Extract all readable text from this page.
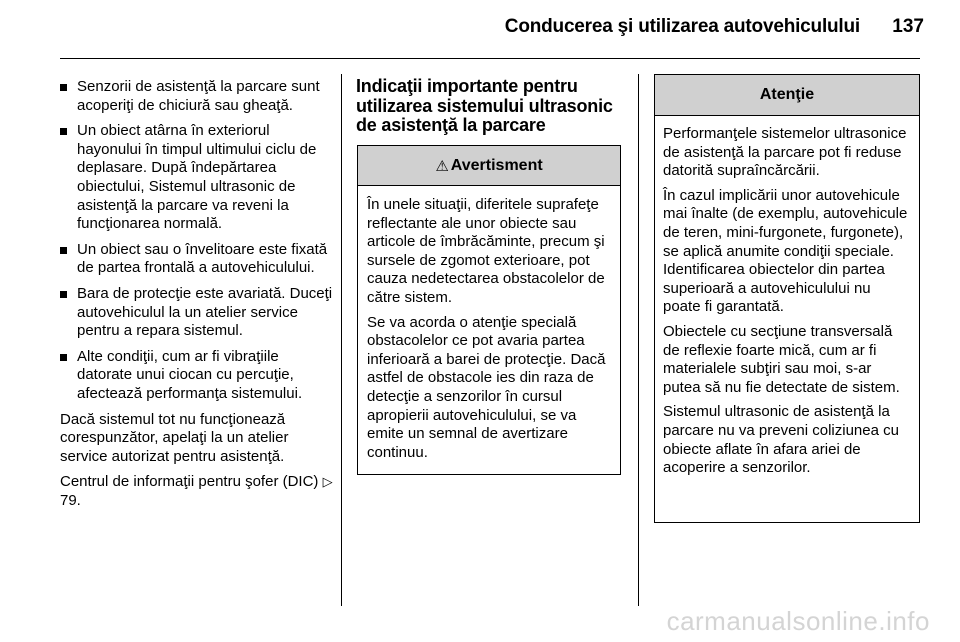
Conducerea şi utilizarea autovehiculului	137
Senzorii de asistenţă la parcare sunt acoperiţi de chiciură sau gheaţă.
Un obiect atârna în exteriorul hayonului în timpul ultimului ciclu de deplasare. După îndepărtarea obiectului, Sistemul ultrasonic de asistenţă la parcare va reveni la funcţionarea normală.
Un obiect sau o învelitoare este fixată de partea frontală a autovehiculului.
Bara de protecţie este avariată. Duceţi autovehiculul la un atelier service pentru a repara sistemul.
Alte condiţii, cum ar fi vibraţiile datorate unui ciocan cu percuţie, afectează performanţa sistemului.

Dacă sistemul tot nu funcţionează corespunzător, apelaţi la un atelier service autorizat pentru asistenţă.

Centrul de informaţii pentru şofer (DIC) ▷ 79.

Indicaţii importante pentru utilizarea sistemului ultrasonic de asistenţă la parcare
⚠ Avertisment

În unele situaţii, diferitele suprafeţe reflectante ale unor obiecte sau articole de îmbrăcăminte, precum şi sursele de zgomot exterioare, pot cauza nedetectarea obstacolelor de către sistem.

Se va acorda o atenţie specială obstacolelor ce pot avaria partea inferioară a barei de protecţie. Dacă astfel de obstacole ies din raza de detecţie a senzorilor în cursul apropierii autovehiculului, se va emite un semnal de avertizare continuu.

Atenţie

Performanţele sistemelor ultrasonice de asistenţă la parcare pot fi reduse datorită supraîncărcării.

În cazul implicării unor autovehicule mai înalte (de exemplu, autovehicule de teren, mini-furgonete, furgonete), se aplică anumite condiţii speciale. Identificarea obiectelor din partea superioară a autovehiculului nu poate fi garantată.

Obiectele cu secţiune transversală de reflexie foarte mică, cum ar fi materialele subţiri sau moi, s-ar putea să nu fie detectate de sistem.

Sistemul ultrasonic de asistenţă la parcare nu va preveni coliziunea cu obiecte aflate în afara ariei de acoperire a senzorilor.

carmanualsonline.info
